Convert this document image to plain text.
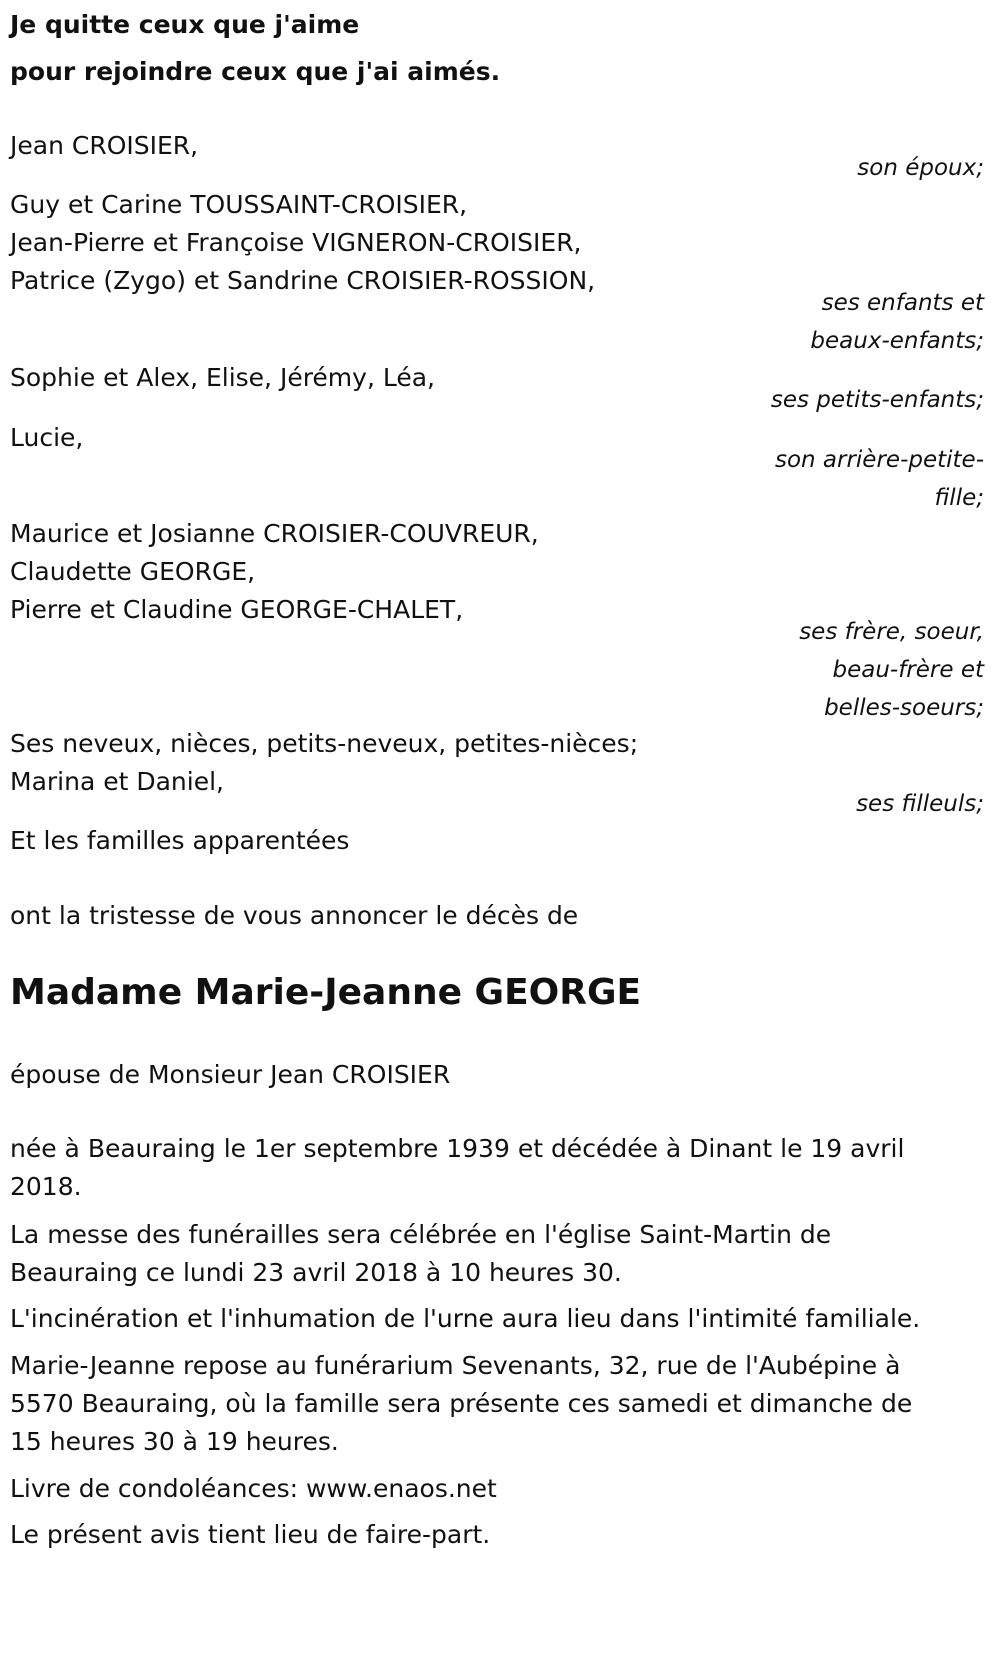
Je quitte ceux que j'aime
pour rejoindre ceux que j'ai aimés.
Jean CROISIER,
son époux;
Guy et Carine TOUSSAINT-CROISIER,
Jean-Pierre et Françoise VIGNERON-CROISIER,
Patrice (Zygo) et Sandrine CROISIER-ROSSION,
ses enfants et
beaux-enfants;
Sophie et Alex, Elise, Jérémy, Léa,
ses petits-enfants;
Lucie,
son arrière-petite-
fille;
Maurice et Josianne CROISIER-COUVREUR,
Claudette GEORGE,
Pierre et Claudine GEORGE-CHALET,
ses frère, soeur,
beau-frère et
belles-soeurs;
Ses neveux, nièces, petits-neveux, petites-nièces;
Marina et Daniel,
ses filleuls;
Et les familles apparentées
ont la tristesse de vous annoncer le décès de
Madame Marie-Jeanne GEORGE
épouse de Monsieur Jean CROISIER
née à Beauraing le 1er septembre 1939 et décédée à Dinant le 19 avril
2018.
La messe des funérailles sera célébrée en l'église Saint-Martin de
Beauraing ce lundi 23 avril 2018 à 10 heures 30.
L'incinération et l'inhumation de l'urne aura lieu dans l'intimité familiale.
Marie-Jeanne repose au funérarium Sevenants, 32, rue de l'Aubépine à
5570 Beauraing, où la famille sera présente ces samedi et dimanche de
15 heures 30 à 19 heures.
Livre de condoléances: www.enaos.net
Le présent avis tient lieu de faire-part.
